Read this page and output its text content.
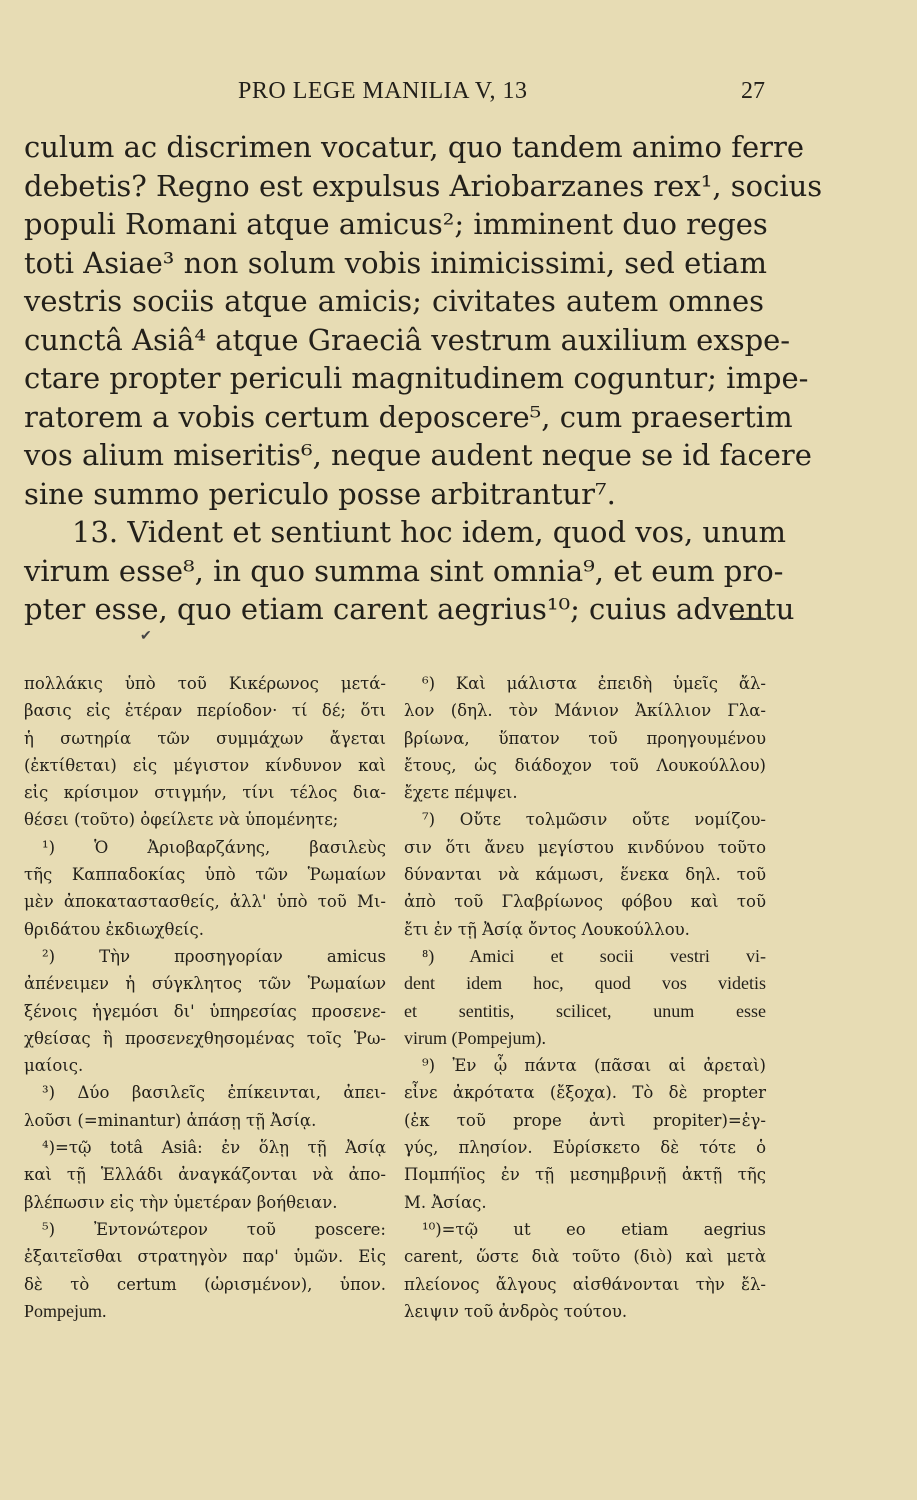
PRO LEGE MANILIA V, 13	27
culum ac discrimen vocatur, quo tandem animo ferre
debetis? Regno est expulsus Ariobarzanes rex¹, socius
populi Romani atque amicus²; imminent duo reges
toti Asiae³ non solum vobis inimicissimi, sed etiam
vestris sociis atque amicis; civitates autem omnes
cunctâ Asiâ⁴ atque Graeciâ vestrum auxilium exspe-
ctare propter periculi magnitudinem coguntur; impe-
ratorem a vobis certum deposcere⁵, cum praesertim
vos alium miseritis⁶, neque audent neque se id facere
sine summo periculo posse arbitrantur⁷.
13. Vident et sentiunt hoc idem, quod vos, unum
virum esse⁸, in quo summa sint omnia⁹, et eum pro-
pter esse, quo etiam carent aegrius¹⁰; cuius adventu
✔
πολλάκις ὑπὸ τοῦ Κικέρωνος μετά-
βασις εἰς ἑτέραν περίοδον· τί δέ; ὅτι
ἡ σωτηρία τῶν συμμάχων ἄγεται
(ἐκτίθεται) εἰς μέγιστον κίνδυνον καὶ
εἰς κρίσιμον στιγμήν, τίνι τέλος δια-
θέσει (τοῦτο) ὀφείλετε νὰ ὑπομένητε;
¹) Ὁ Ἀριοβαρζάνης, βασιλεὺς
τῆς Καππαδοκίας ὑπὸ τῶν Ῥωμαίων
μὲν ἀποκαταστασθείς, ἀλλ' ὑπὸ τοῦ Μι-
θριδάτου ἐκδιωχθείς.
²) Τὴν προσηγορίαν amicus
ἀπένειμεν ἡ σύγκλητος τῶν Ῥωμαίων
ξένοις ἡγεμόσι δι' ὑπηρεσίας προσενε-
χθείσας ἢ προσενεχθησομένας τοῖς Ῥω-
μαίοις.
³) Δύο βασιλεῖς ἐπίκεινται, ἀπει-
λοῦσι (=minantur) ἁπάσῃ τῇ Ἀσίᾳ.
⁴)=τῷ totâ Asiâ: ἐν ὅλῃ τῇ Ἀσίᾳ
καὶ τῇ Ἑλλάδι ἀναγκάζονται νὰ ἀπο-
βλέπωσιν εἰς τὴν ὑμετέραν βοήθειαν.
⁵) Ἐντονώτερον τοῦ poscere:
ἐξαιτεῖσθαι στρατηγὸν παρ' ὑμῶν. Εἰς
δὲ τὸ certum (ὡρισμένον), ὑπον.
Pompejum.
⁶) Καὶ μάλιστα ἐπειδὴ ὑμεῖς ἄλ-
λον (δηλ. τὸν Μάνιον Ἀκίλλιον Γλα-
βρίωνα, ὕπατον τοῦ προηγουμένου
ἔτους, ὡς διάδοχον τοῦ Λουκούλλου)
ἔχετε πέμψει.
⁷) Οὔτε τολμῶσιν οὔτε νομίζου-
σιν ὅτι ἄνευ μεγίστου κινδύνου τοῦτο
δύνανται νὰ κάμωσι, ἕνεκα δηλ. τοῦ
ἀπὸ τοῦ Γλαβρίωνος φόβου καὶ τοῦ
ἔτι ἐν τῇ Ἀσίᾳ ὄντος Λουκούλλου.
⁸) Amici et socii vestri vi-
dent idem hoc, quod vos videtis
et sentitis, scilicet, unum esse
virum (Pompejum).
⁹) Ἐν ᾧ πάντα (πᾶσαι αἱ ἀρεταὶ)
εἶνε ἀκρότατα (ἔξοχα). Τὸ δὲ propter
(ἐκ τοῦ prope ἀντὶ propiter)=ἐγ-
γύς, πλησίον. Εὑρίσκετο δὲ τότε ὁ
Πομπήϊος ἐν τῇ μεσημβρινῇ ἀκτῇ τῆς
Μ. Ἀσίας.
¹⁰)=τῷ ut eo etiam aegrius
carent, ὥστε διὰ τοῦτο (διὸ) καὶ μετὰ
πλείονος ἄλγους αἰσθάνονται τὴν ἔλ-
λειψιν τοῦ ἀνδρὸς τούτου.
